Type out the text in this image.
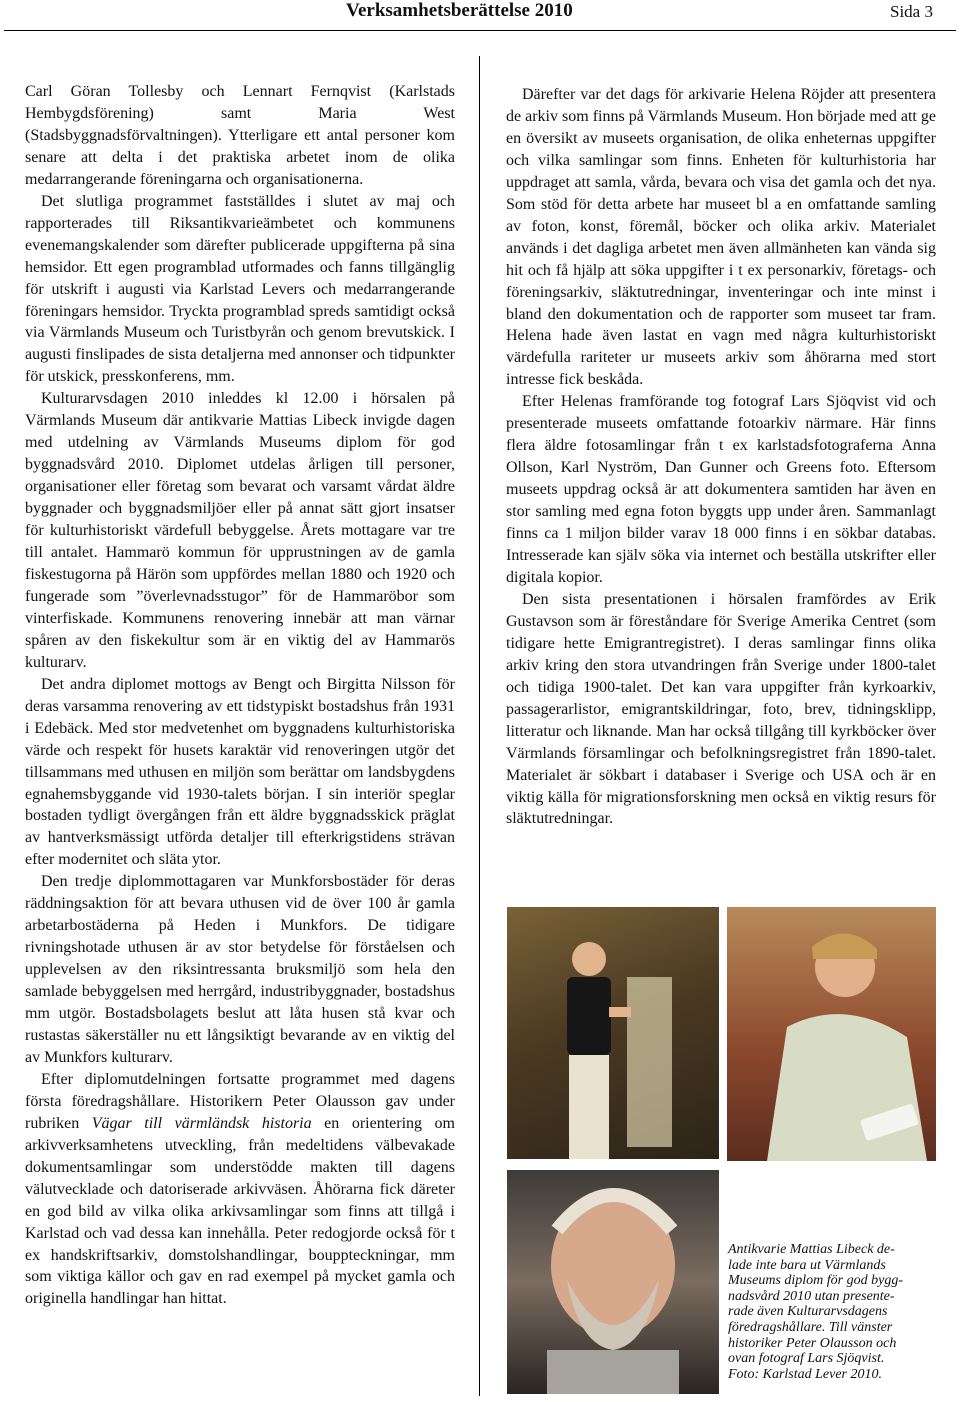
Verksamhetsberättelse 2010	Sida 3

Carl Göran Tollesby och Lennart Fernqvist (Karlstads Hembygdsförening) samt Maria West (Stadsbyggnadsförvaltningen). Ytterligare ett antal personer kom senare att delta i det praktiska arbetet inom de olika medarrangerande föreningarna och organisationerna.

Det slutliga programmet fastställdes i slutet av maj och rapporterades till Riksantikvarieämbetet och kommunens evenemangskalender som därefter publicerade uppgifterna på sina hemsidor. Ett egen programblad utformades och fanns tillgänglig för utskrift i augusti via Karlstad Levers och medarrangerande föreningars hemsidor. Tryckta programblad spreds samtidigt också via Värmlands Museum och Turistbyrån och genom brevutskick. I augusti finslipades de sista detaljerna med annonser och tidpunkter för utskick, presskonferens, mm.

Kulturarvsdagen 2010 inleddes kl 12.00 i hörsalen på Värmlands Museum där antikvarie Mattias Libeck invigde dagen med utdelning av Värmlands Museums diplom för god byggnadsvård 2010. Diplomet utdelas årligen till personer, organisationer eller företag som bevarat och varsamt vårdat äldre byggnader och byggnadsmiljöer eller på annat sätt gjort insatser för kulturhistoriskt värdefull bebyggelse. Årets mottagare var tre till antalet. Hammarö kommun för upprustningen av de gamla fiskestugorna på Härön som uppfördes mellan 1880 och 1920 och fungerade som ”överlevnadsstugor” för de Hammaröbor som vinterfiskade. Kommunens renovering innebär att man värnar spåren av den fiskekultur som är en viktig del av Hammarös kulturarv.

Det andra diplomet mottogs av Bengt och Birgitta Nilsson för deras varsamma renovering av ett tidstypiskt bostadshus från 1931 i Edebäck. Med stor medvetenhet om byggnadens kulturhistoriska värde och respekt för husets karaktär vid renoveringen utgör det tillsammans med uthusen en miljön som berättar om landsbygdens egnahemsbyggande vid 1930-talets början. I sin interiör speglar bostaden tydligt övergången från ett äldre byggnadsskick präglat av hantverksmässigt utförda detaljer till efterkrigstidens strävan efter modernitet och släta ytor.

Den tredje diplommottagaren var Munkforsbostäder för deras räddningsaktion för att bevara uthusen vid de över 100 år gamla arbetarbostäderna på Heden i Munkfors. De tidigare rivningshotade uthusen är av stor betydelse för förståelsen och upplevelsen av den riksintressanta bruksmiljö som hela den samlade bebyggelsen med herrgård, industribyggnader, bostadshus mm utgör. Bostadsbolagets beslut att låta husen stå kvar och rustastas säkerställer nu ett långsiktigt bevarande av en viktig del av Munkfors kulturarv.

Efter diplomutdelningen fortsatte programmet med dagens första föredragshållare. Historikern Peter Olausson gav under rubriken Vägar till värmländsk historia en orientering om arkivverksamhetens utveckling, från medeltidens välbevakade dokumentsamlingar som understödde makten till dagens välutvecklade och datoriserade arkivväsen. Åhörarna fick däreter en god bild av vilka olika arkivsamlingar som finns att tillgå i Karlstad och vad dessa kan innehålla. Peter redogjorde också för t ex handskriftsarkiv, domstolshandlingar, bouppteckningar, mm som viktiga källor och gav en rad exempel på mycket gamla och originella handlingar han hittat.

Därefter var det dags för arkivarie Helena Röjder att presentera de arkiv som finns på Värmlands Museum. Hon började med att ge en översikt av museets organisation, de olika enheternas uppgifter och vilka samlingar som finns. Enheten för kulturhistoria har uppdraget att samla, vårda, bevara och visa det gamla och det nya. Som stöd för detta arbete har museet bl a en omfattande samling av foton, konst, föremål, böcker och olika arkiv. Materialet används i det dagliga arbetet men även allmänheten kan vända sig hit och få hjälp att söka uppgifter i t ex personarkiv, företags- och föreningsarkiv, släktutredningar, inventeringar och inte minst i bland den dokumentation och de rapporter som museet tar fram. Helena hade även lastat en vagn med några kulturhistoriskt värdefulla rariteter ur museets arkiv som åhörarna med stort intresse fick beskåda.

Efter Helenas framförande tog fotograf Lars Sjöqvist vid och presenterade museets omfattande fotoarkiv närmare. Här finns flera äldre fotosamlingar från t ex karlstadsfotograferna Anna Ollson, Karl Nyström, Dan Gunner och Greens foto. Eftersom museets uppdrag också är att dokumentera samtiden har även en stor samling med egna foton byggts upp under åren. Sammanlagt finns ca 1 miljon bilder varav 18 000 finns i en sökbar databas. Intresserade kan själv söka via internet och beställa utskrifter eller digitala kopior.

Den sista presentationen i hörsalen framfördes av Erik Gustavson som är föreståndare för Sverige Amerika Centret (som tidigare hette Emigrantregistret). I deras samlingar finns olika arkiv kring den stora utvandringen från Sverige under 1800-talet och tidiga 1900-talet. Det kan vara uppgifter från kyrkoarkiv, passagerarlistor, emigrantskildringar, foto, brev, tidningsklipp, litteratur och liknande. Man har också tillgång till kyrkböcker över Värmlands församlingar och befolkningsregistret från 1890-talet. Materialet är sökbart i databaser i Sverige och USA och är en viktig källa för migrationsforskning men också en viktig resurs för släktutredningar.

Antikvarie Mattias Libeck de-
lade inte bara ut Värmlands
Museums diplom för god bygg-
nadsvård 2010 utan presente-
rade även Kulturarvsdagens
föredragshållare. Till vänster
historiker Peter Olausson och
ovan fotograf Lars Sjöqvist.
Foto: Karlstad Lever 2010.
